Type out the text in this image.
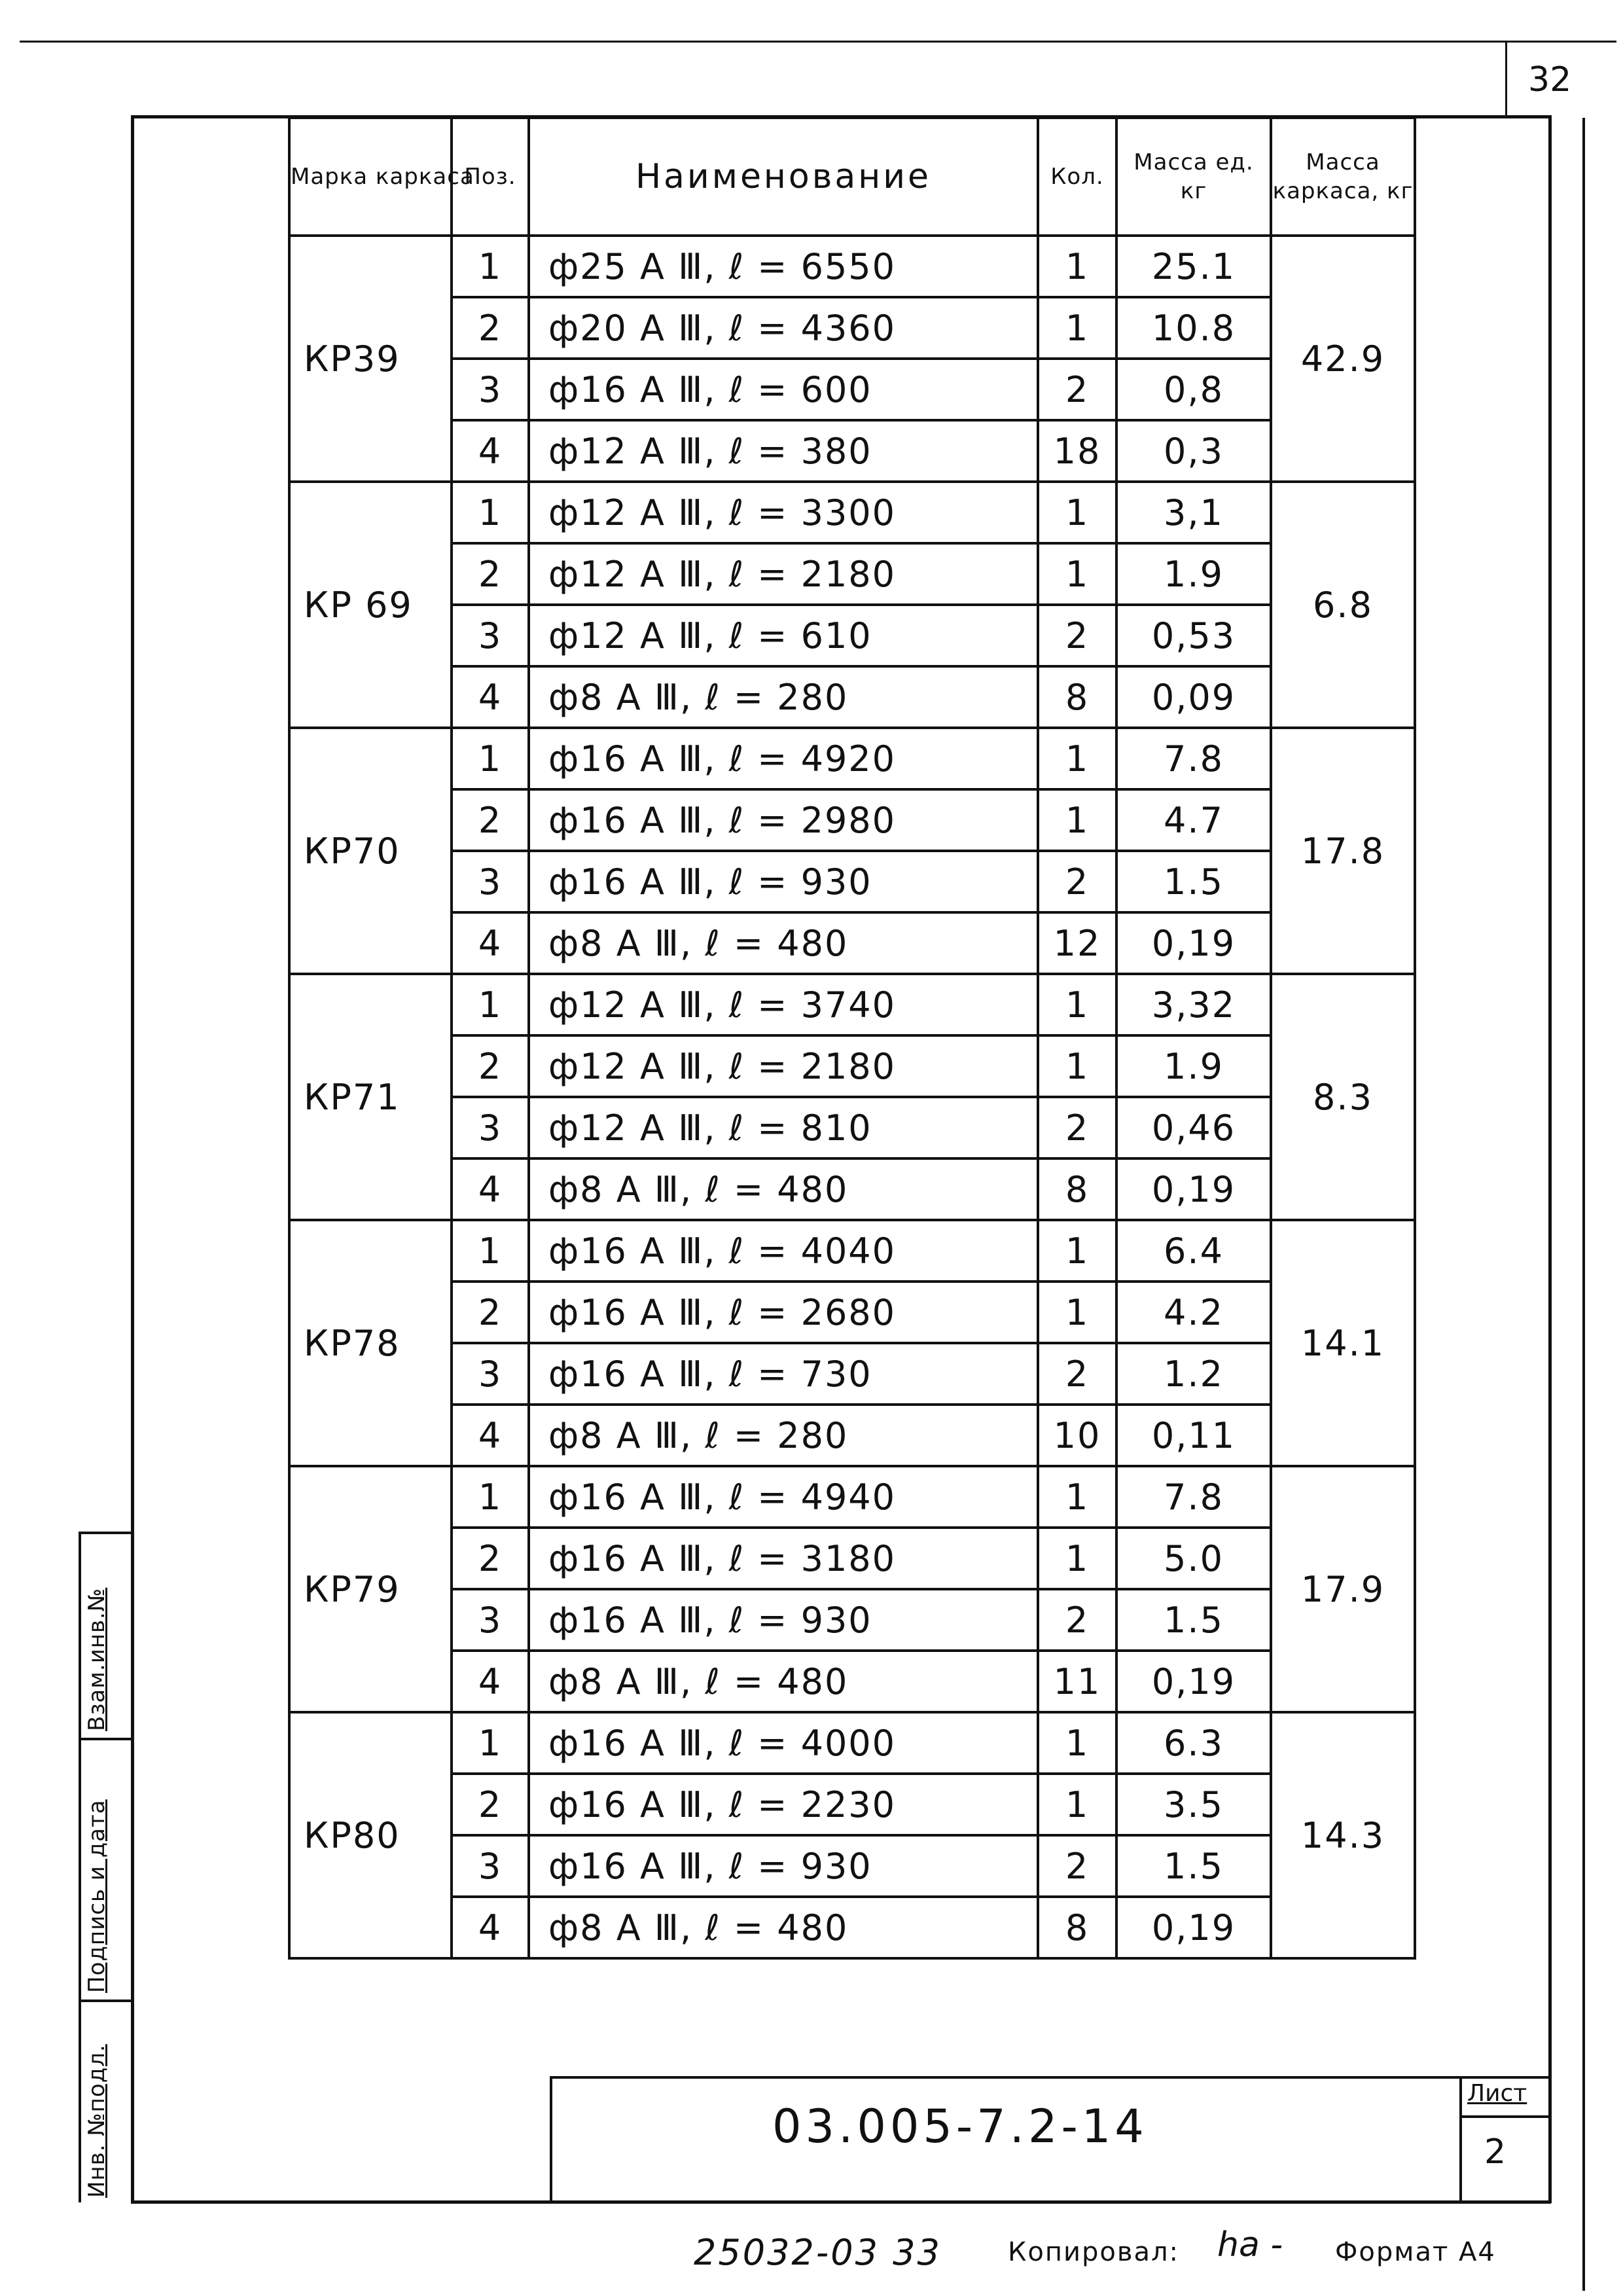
32
Взам.инв.№
Подпись и дата
Инв. №подл.
Марка каркаса	Поз.	Наименование	Кол.	Масса ед. кг	Масса каркаса, кг
КР39	1	ф25 А Ⅲ, ℓ = 6550	1	25.1	42.9
	2	ф20 А Ⅲ, ℓ = 4360	1	10.8	
	3	ф16 А Ⅲ, ℓ = 600	2	0,8	
	4	ф12 А Ⅲ, ℓ = 380	18	0,3	
КР 69	1	ф12 А Ⅲ, ℓ = 3300	1	3,1	6.8
	2	ф12 А Ⅲ, ℓ = 2180	1	1.9	
	3	ф12 А Ⅲ, ℓ = 610	2	0,53	
	4	ф8 А Ⅲ, ℓ = 280	8	0,09	
КР70	1	ф16 А Ⅲ, ℓ = 4920	1	7.8	17.8
	2	ф16 А Ⅲ, ℓ = 2980	1	4.7	
	3	ф16 А Ⅲ, ℓ = 930	2	1.5	
	4	ф8 А Ⅲ, ℓ = 480	12	0,19	
КР71	1	ф12 А Ⅲ, ℓ = 3740	1	3,32	8.3
	2	ф12 А Ⅲ, ℓ = 2180	1	1.9	
	3	ф12 А Ⅲ, ℓ = 810	2	0,46	
	4	ф8 А Ⅲ, ℓ = 480	8	0,19	
КР78	1	ф16 А Ⅲ, ℓ = 4040	1	6.4	14.1
	2	ф16 А Ⅲ, ℓ = 2680	1	4.2	
	3	ф16 А Ⅲ, ℓ = 730	2	1.2	
	4	ф8 А Ⅲ, ℓ = 280	10	0,11	
КР79	1	ф16 А Ⅲ, ℓ = 4940	1	7.8	17.9
	2	ф16 А Ⅲ, ℓ = 3180	1	5.0	
	3	ф16 А Ⅲ, ℓ = 930	2	1.5	
	4	ф8 А Ⅲ, ℓ = 480	11	0,19	
КР80	1	ф16 А Ⅲ, ℓ = 4000	1	6.3	14.3
	2	ф16 А Ⅲ, ℓ = 2230	1	3.5	
	3	ф16 А Ⅲ, ℓ = 930	2	1.5	
	4	ф8 А Ⅲ, ℓ = 480	8	0,19	
03.005-7.2-14
Лист
2
25032-03 33	Копировал: hа - Формат А4
